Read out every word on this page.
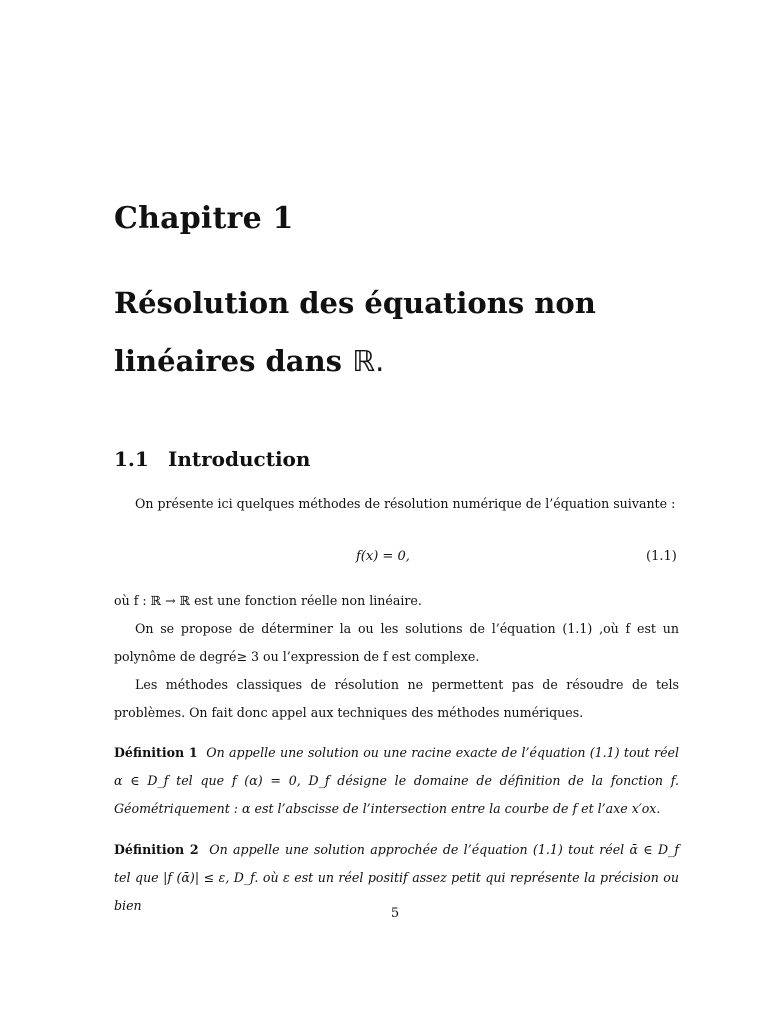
Chapitre 1
Résolution des équations non
linéaires dans ℝ.
1.1 Introduction
On présente ici quelques méthodes de résolution numérique de l’équation suivante :
f(x) = 0,	(1.1)
où f : ℝ → ℝ est une fonction réelle non linéaire.
On se propose de déterminer la ou les solutions de l’équation (1.1) ,où f est un polynôme de degré≥ 3 ou l’expression de f est complexe.
Les méthodes classiques de résolution ne permettent pas de résoudre de tels problèmes. On fait donc appel aux techniques des méthodes numériques.
Définition 1 On appelle une solution ou une racine exacte de l’équation (1.1) tout réel α ∈ D_f tel que f (α) = 0, D_f désigne le domaine de définition de la fonction f. Géométriquement : α est l’abscisse de l’intersection entre la courbe de f et l’axe x′ox.
Définition 2 On appelle une solution approchée de l’équation (1.1) tout réel ᾱ ∈ D_f tel que |f (ᾱ)| ≤ ε, D_f. où ε est un réel positif assez petit qui représente la précision ou bien
5
